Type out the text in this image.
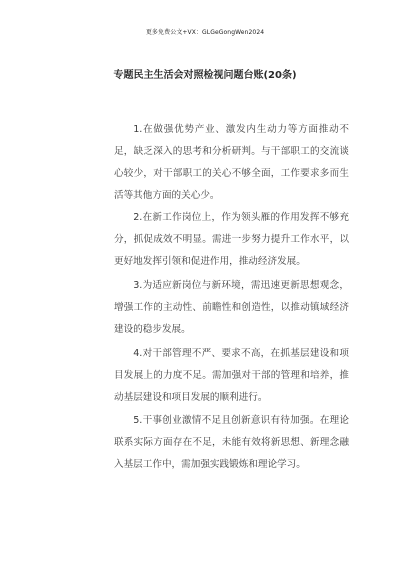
更多免费公文+VX：GLGeGongWen2024
专题民主生活会对照检视问题台账(20条)

1.在做强优势产业、激发内生动力等方面推动不足，缺乏深入的思考和分析研判。与干部职工的交流谈心较少，对干部职工的关心不够全面，工作要求多而生活等其他方面的关心少。

2.在新工作岗位上，作为领头雁的作用发挥不够充分，抓促成效不明显。需进一步努力提升工作水平，以更好地发挥引领和促进作用，推动经济发展。

3.为适应新岗位与新环境，需迅速更新思想观念，增强工作的主动性、前瞻性和创造性，以推动镇域经济建设的稳步发展。

4.对干部管理不严、要求不高，在抓基层建设和项目发展上的力度不足。需加强对干部的管理和培养，推动基层建设和项目发展的顺利进行。

5.干事创业激情不足且创新意识有待加强。在理论联系实际方面存在不足，未能有效将新思想、新理念融入基层工作中，需加强实践锻炼和理论学习。
